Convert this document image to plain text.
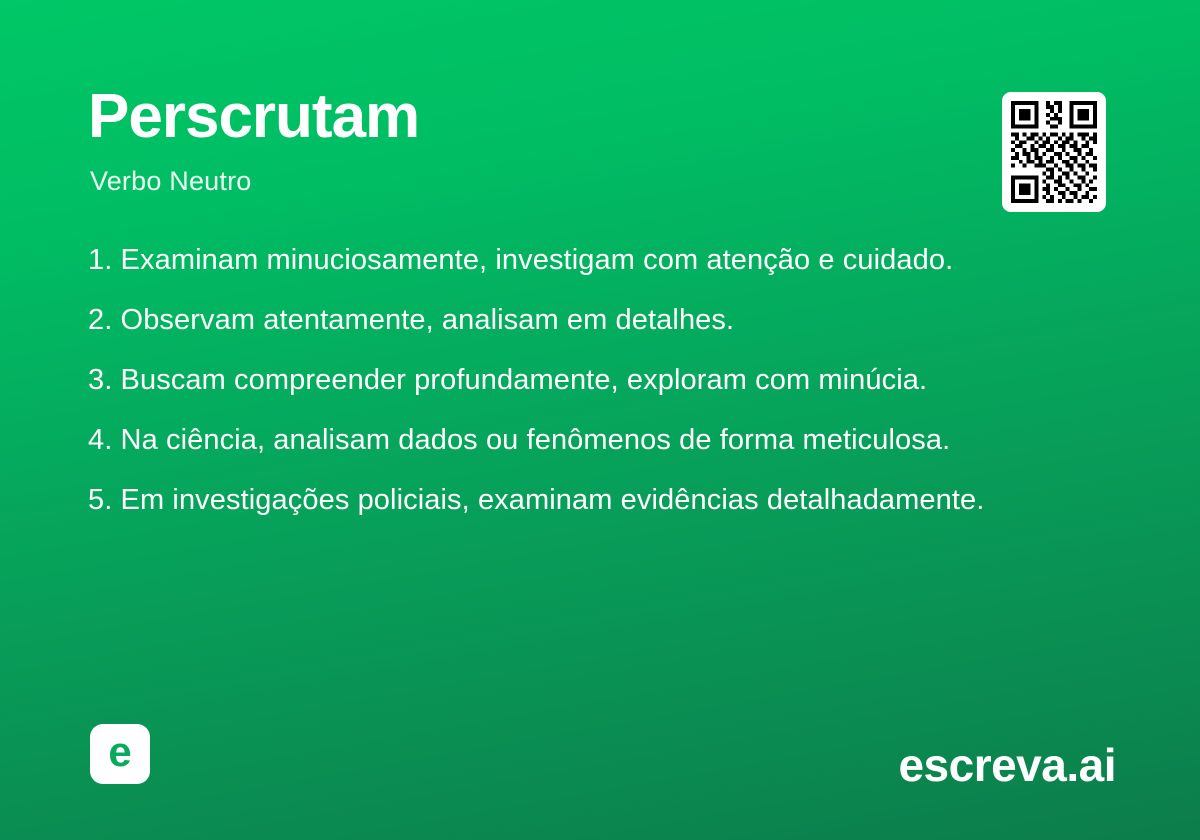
Perscrutam
Verbo Neutro
1. Examinam minuciosamente, investigam com atenção e cuidado.
2. Observam atentamente, analisam em detalhes.
3. Buscam compreender profundamente, exploram com minúcia.
4. Na ciência, analisam dados ou fenômenos de forma meticulosa.
5. Em investigações policiais, examinam evidências detalhadamente.
e	escreva.ai
